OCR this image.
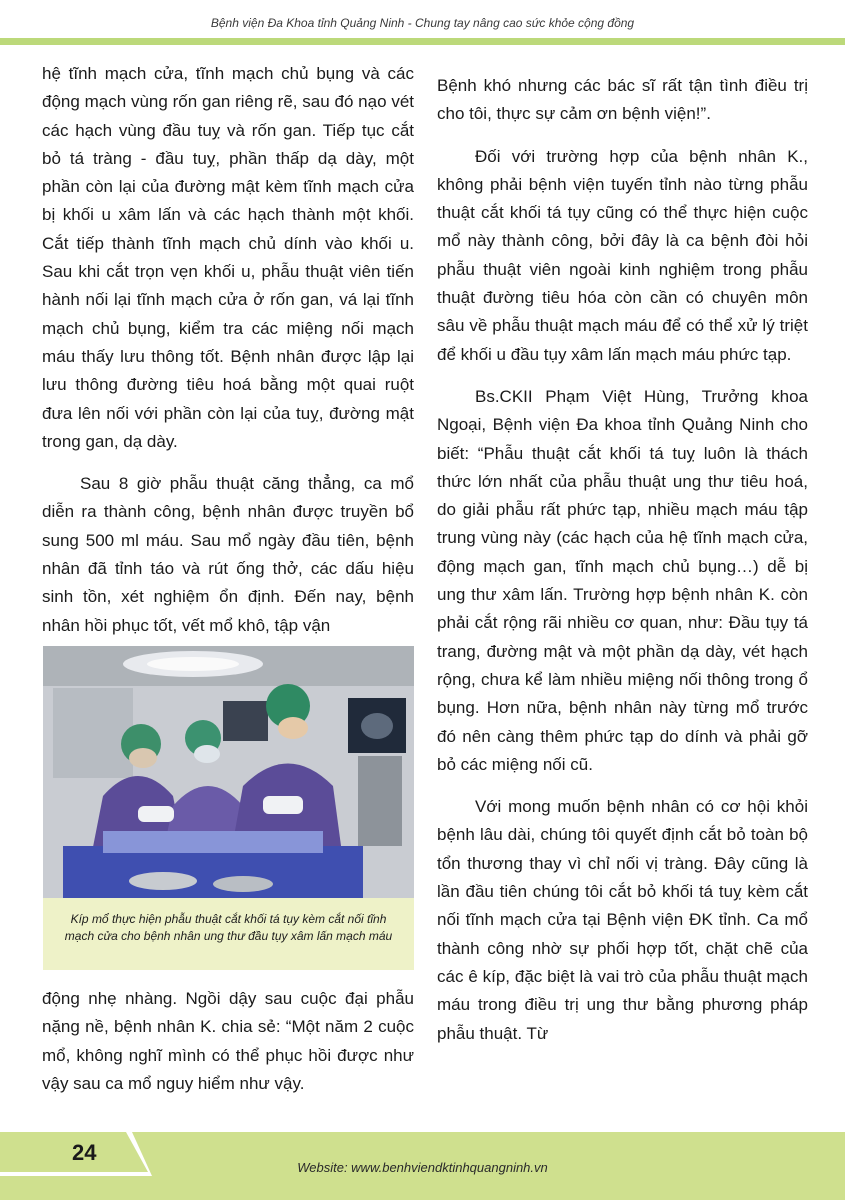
Bệnh viện Đa Khoa tỉnh Quảng Ninh - Chung tay nâng cao sức khỏe cộng đồng

hệ tĩnh mạch cửa, tĩnh mạch chủ bụng và các động mạch vùng rốn gan riêng rẽ, sau đó nạo vét các hạch vùng đầu tuỵ và rốn gan. Tiếp tục cắt bỏ tá tràng - đầu tuỵ, phần thấp dạ dày, một phần còn lại của đường mật kèm tĩnh mạch cửa bị khối u xâm lấn và các hạch thành một khối. Cắt tiếp thành tĩnh mạch chủ dính vào khối u. Sau khi cắt trọn vẹn khối u, phẫu thuật viên tiến hành nối lại tĩnh mạch cửa ở rốn gan, vá lại tĩnh mạch chủ bụng, kiểm tra các miệng nối mạch máu thấy lưu thông tốt. Bệnh nhân được lập lại lưu thông đường tiêu hoá bằng một quai ruột đưa lên nối với phần còn lại của tuỵ, đường mật trong gan, dạ dày.

Sau 8 giờ phẫu thuật căng thẳng, ca mổ diễn ra thành công, bệnh nhân được truyền bổ sung 500 ml máu. Sau mổ ngày đầu tiên, bệnh nhân đã tỉnh táo và rút ống thở, các dấu hiệu sinh tồn, xét nghiệm ổn định. Đến nay, bệnh nhân hồi phục tốt, vết mổ khô, tập vận

Kíp mổ thực hiện phẫu thuật cắt khối tá tụy kèm cắt nối tĩnh mạch cửa cho bệnh nhân ung thư đầu tụy xâm lấn mạch máu

động nhẹ nhàng. Ngồi dậy sau cuộc đại phẫu nặng nề, bệnh nhân K. chia sẻ: “Một năm 2 cuộc mổ, không nghĩ mình có thể phục hồi được như vậy sau ca mổ nguy hiểm như vậy.

Bệnh khó nhưng các bác sĩ rất tận tình điều trị cho tôi, thực sự cảm ơn bệnh viện!”.

Đối với trường hợp của bệnh nhân K., không phải bệnh viện tuyến tỉnh nào từng phẫu thuật cắt khối tá tụy cũng có thể thực hiện cuộc mổ này thành công, bởi đây là ca bệnh đòi hỏi phẫu thuật viên ngoài kinh nghiệm trong phẫu thuật đường tiêu hóa còn cần có chuyên môn sâu về phẫu thuật mạch máu để có thể xử lý triệt để khối u đầu tụy xâm lấn mạch máu phức tạp.

Bs.CKII Phạm Việt Hùng, Trưởng khoa Ngoại, Bệnh viện Đa khoa tỉnh Quảng Ninh cho biết: “Phẫu thuật cắt khối tá tuỵ luôn là thách thức lớn nhất của phẫu thuật ung thư tiêu hoá, do giải phẫu rất phức tạp, nhiều mạch máu tập trung vùng này (các hạch của hệ tĩnh mạch cửa, động mạch gan, tĩnh mạch chủ bụng…) dễ bị ung thư xâm lấn. Trường hợp bệnh nhân K. còn phải cắt rộng rãi nhiều cơ quan, như: Đầu tụy tá trang, đường mật và một phần dạ dày, vét hạch rộng, chưa kể làm nhiều miệng nối thông trong ổ bụng. Hơn nữa, bệnh nhân này từng mổ trước đó nên càng thêm phức tạp do dính và phải gỡ bỏ các miệng nối cũ.

Với mong muốn bệnh nhân có cơ hội khỏi bệnh lâu dài, chúng tôi quyết định cắt bỏ toàn bộ tổn thương thay vì chỉ nối vị tràng. Đây cũng là lần đầu tiên chúng tôi cắt bỏ khối tá tuỵ kèm cắt nối tĩnh mạch cửa tại Bệnh viện ĐK tỉnh. Ca mổ thành công nhờ sự phối hợp tốt, chặt chẽ của các ê kíp, đặc biệt là vai trò của phẫu thuật mạch máu trong điều trị ung thư bằng phương pháp phẫu thuật. Từ

24
Website: www.benhviendktinhquangninh.vn
